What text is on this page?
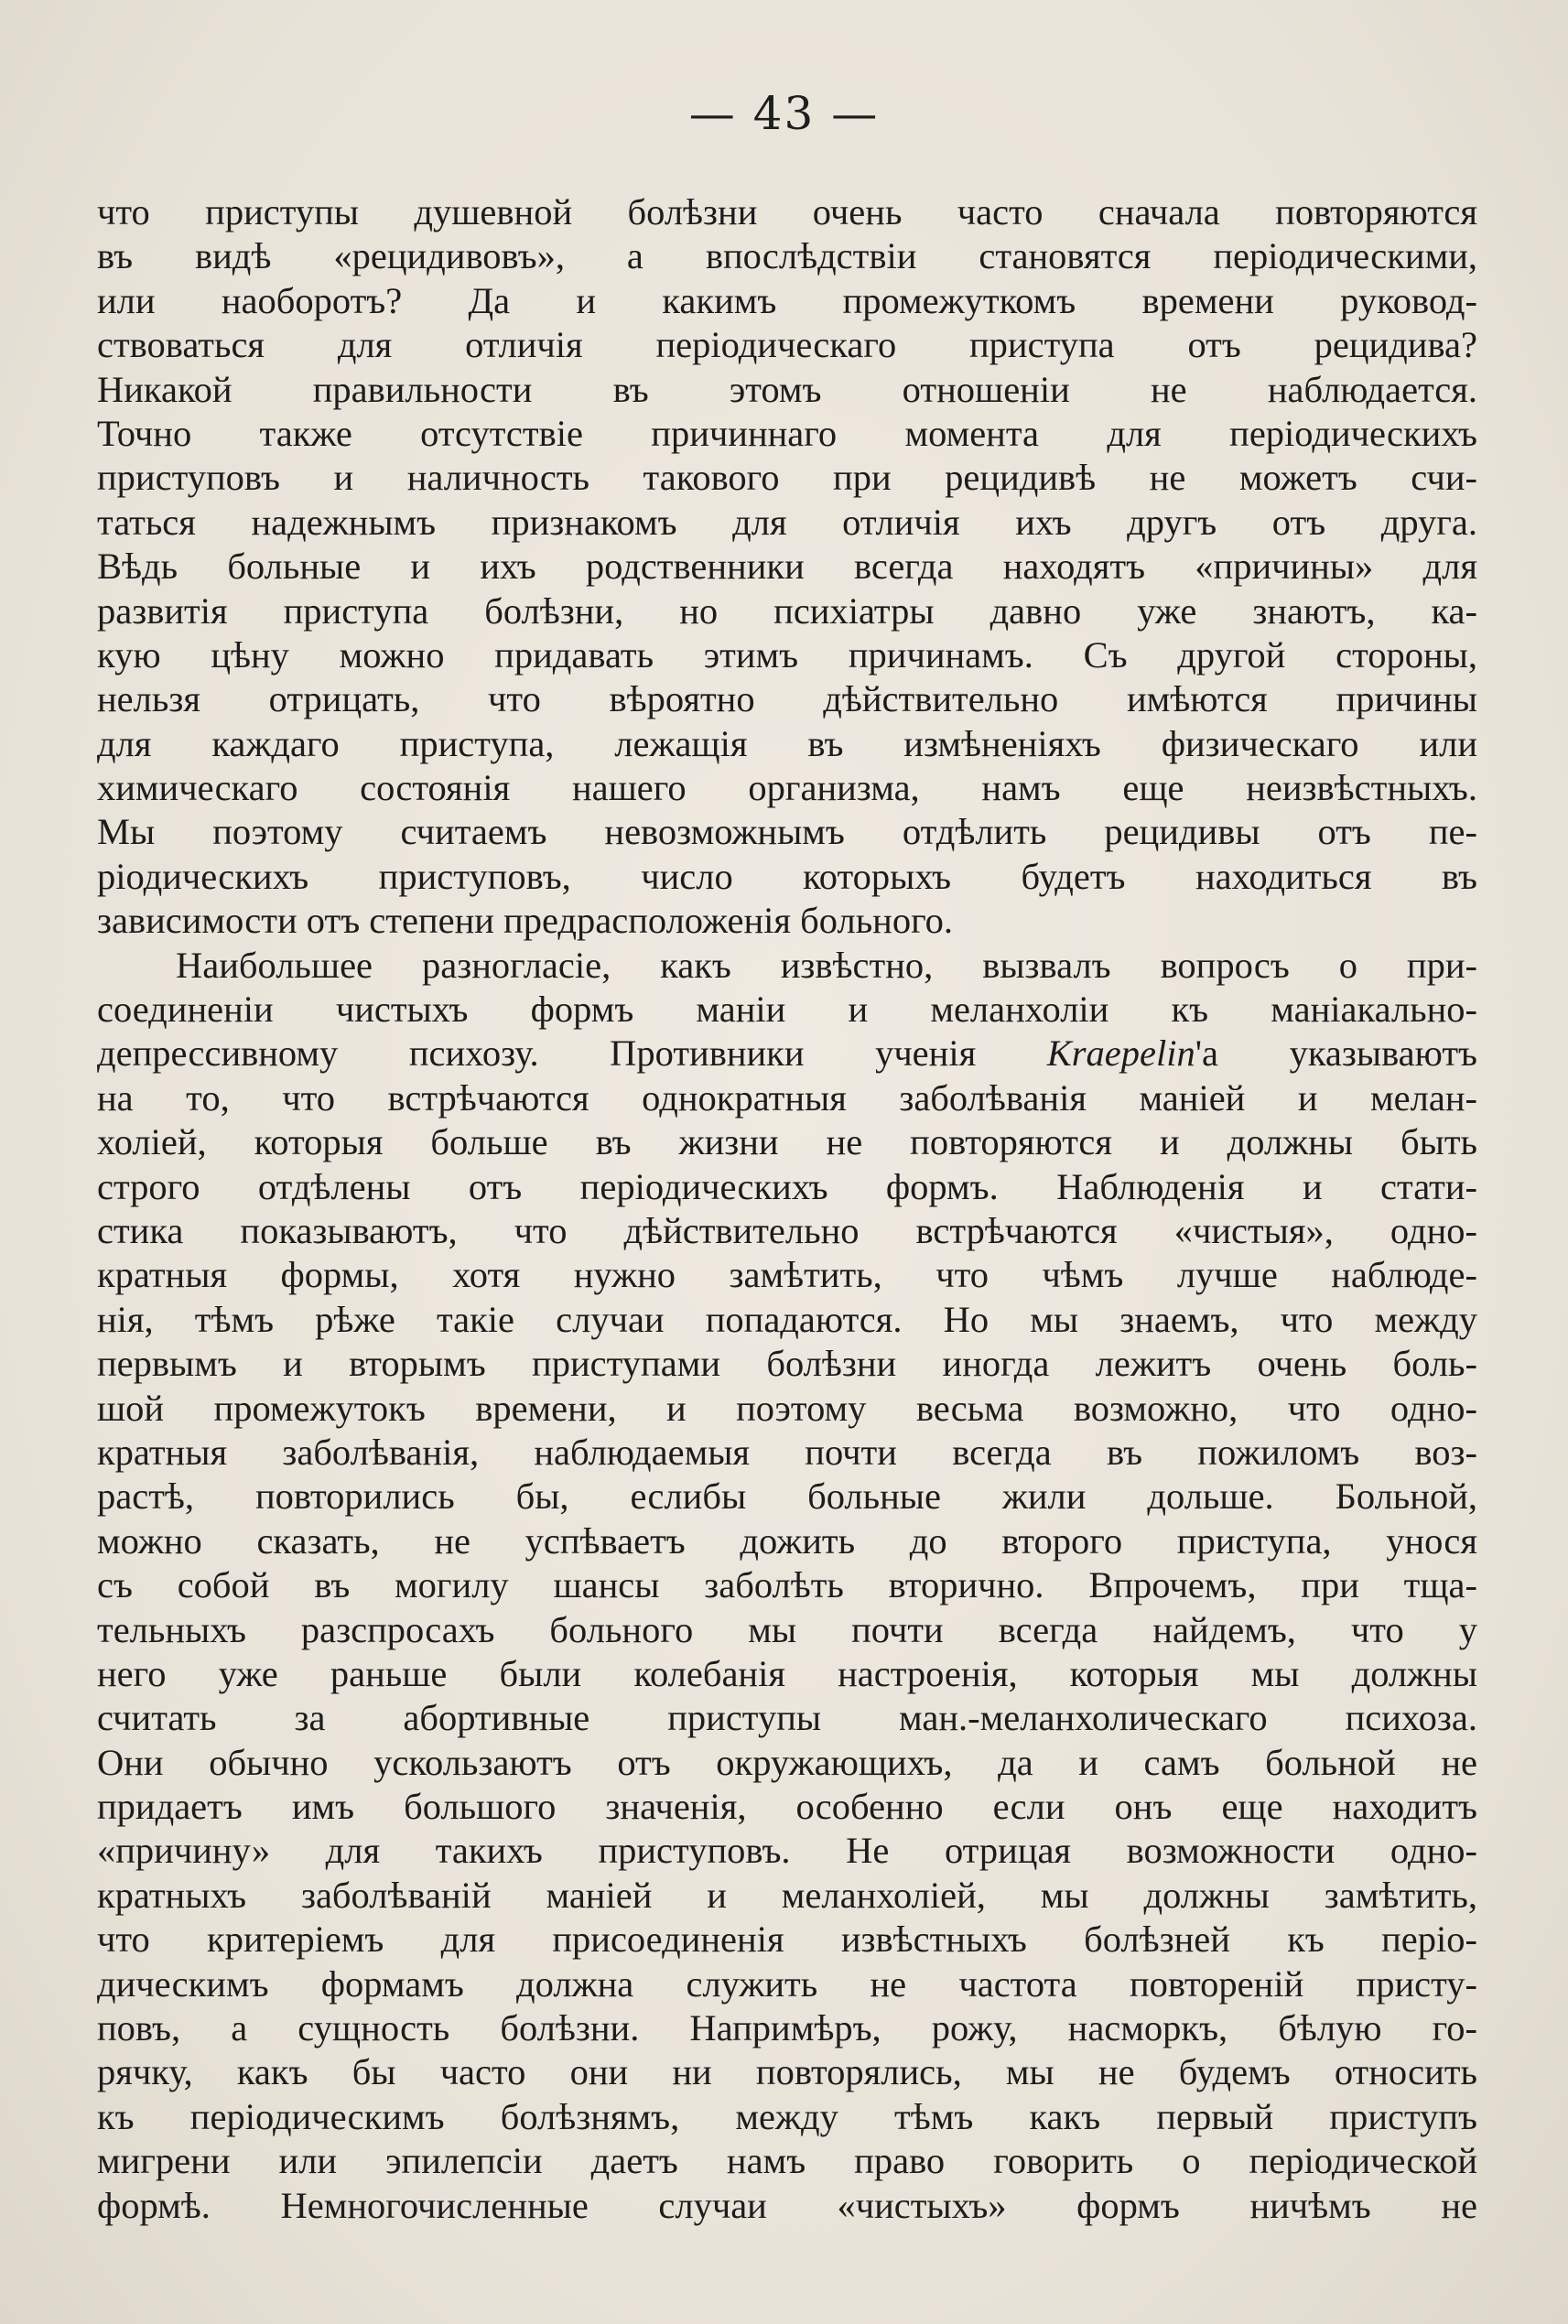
— 43 —
что приступы душевной болѣзни очень часто сначала повторяются
въ видѣ «рецидивовъ», а впослѣдствіи становятся періодическими,
или наоборотъ? Да и какимъ промежуткомъ времени руковод-
ствоваться для отличія періодическаго приступа отъ рецидива?
Никакой правильности въ этомъ отношеніи не наблюдается.
Точно также отсутствіе причиннаго момента для періодическихъ
приступовъ и наличность такового при рецидивѣ не можетъ счи-
таться надежнымъ признакомъ для отличія ихъ другъ отъ друга.
Вѣдь больные и ихъ родственники всегда находятъ «причины» для
развитія приступа болѣзни, но психіатры давно уже знаютъ, ка-
кую цѣну можно придавать этимъ причинамъ. Съ другой стороны,
нельзя отрицать, что вѣроятно дѣйствительно имѣются причины
для каждаго приступа, лежащія въ измѣненіяхъ физическаго или
химическаго состоянія нашего организма, намъ еще неизвѣстныхъ.
Мы поэтому считаемъ невозможнымъ отдѣлить рецидивы отъ пе-
ріодическихъ приступовъ, число которыхъ будетъ находиться въ
зависимости отъ степени предрасположенія больного.
Наибольшее разногласіе, какъ извѣстно, вызвалъ вопросъ о при-
соединеніи чистыхъ формъ маніи и меланхоліи къ маніакально-
депрессивному психозу. Противники ученія Kraepelin'a указываютъ
на то, что встрѣчаются однократныя заболѣванія маніей и мелан-
холіей, которыя больше въ жизни не повторяются и должны быть
строго отдѣлены отъ періодическихъ формъ. Наблюденія и стати-
стика показываютъ, что дѣйствительно встрѣчаются «чистыя», одно-
кратныя формы, хотя нужно замѣтить, что чѣмъ лучше наблюде-
нія, тѣмъ рѣже такіе случаи попадаются. Но мы знаемъ, что между
первымъ и вторымъ приступами болѣзни иногда лежитъ очень боль-
шой промежутокъ времени, и поэтому весьма возможно, что одно-
кратныя заболѣванія, наблюдаемыя почти всегда въ пожиломъ воз-
растѣ, повторились бы, еслибы больные жили дольше. Больной,
можно сказать, не успѣваетъ дожить до второго приступа, унося
съ собой въ могилу шансы заболѣть вторично. Впрочемъ, при тща-
тельныхъ разспросахъ больного мы почти всегда найдемъ, что у
него уже раньше были колебанія настроенія, которыя мы должны
считать за абортивные приступы ман.-меланхолическаго психоза.
Они обычно ускользаютъ отъ окружающихъ, да и самъ больной не
придаетъ имъ большого значенія, особенно если онъ еще находитъ
«причину» для такихъ приступовъ. Не отрицая возможности одно-
кратныхъ заболѣваній маніей и меланхоліей, мы должны замѣтить,
что критеріемъ для присоединенія извѣстныхъ болѣзней къ періо-
дическимъ формамъ должна служить не частота повтореній присту-
повъ, а сущность болѣзни. Напримѣръ, рожу, насморкъ, бѣлую го-
рячку, какъ бы часто они ни повторялись, мы не будемъ относить
къ періодическимъ болѣзнямъ, между тѣмъ какъ первый приступъ
мигрени или эпилепсіи даетъ намъ право говорить о періодической
формѣ. Немногочисленные случаи «чистыхъ» формъ ничѣмъ не
